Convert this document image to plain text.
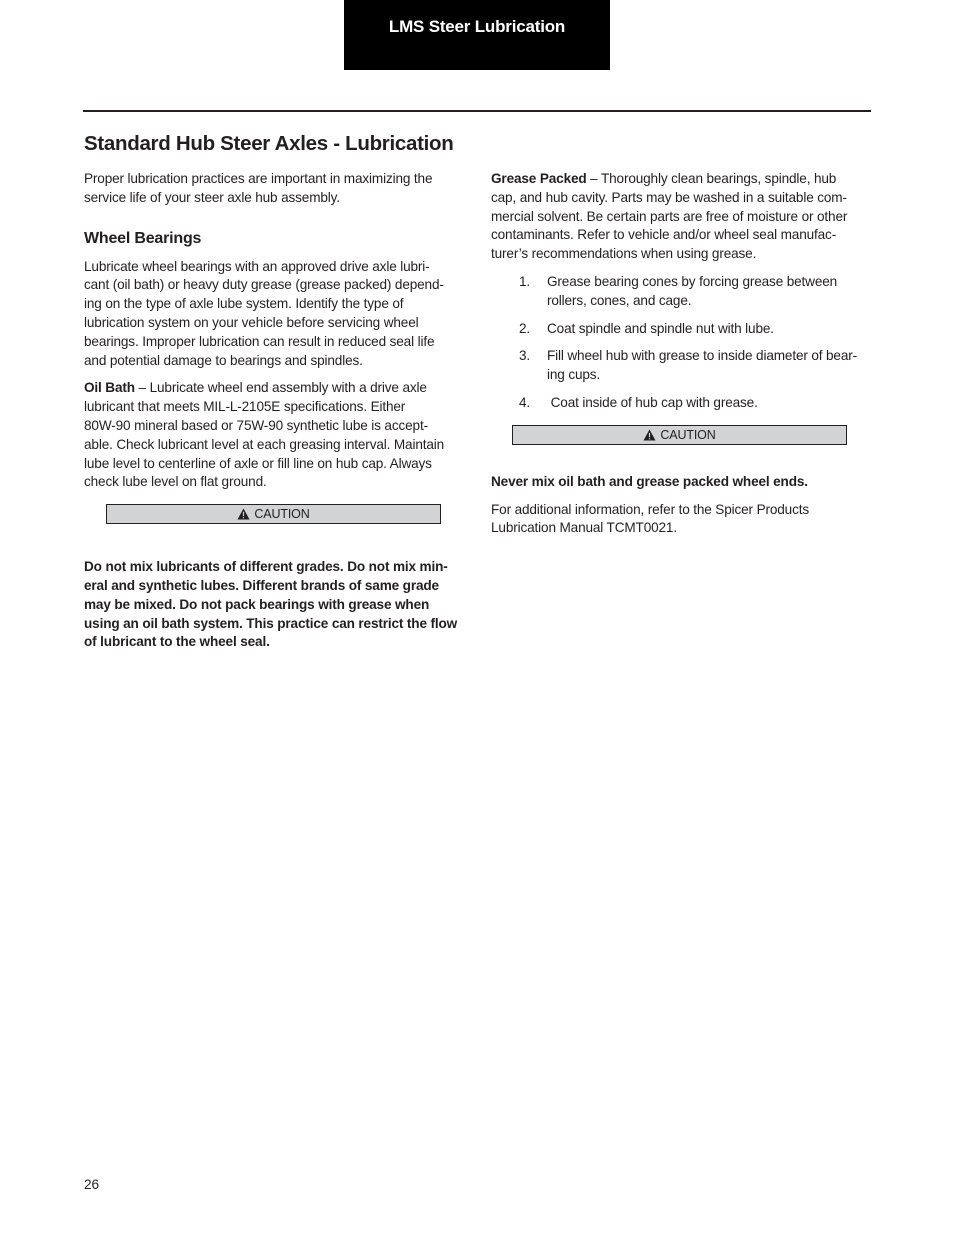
LMS Steer Lubrication
Standard Hub Steer Axles - Lubrication
Proper lubrication practices are important in maximizing the
service life of your steer axle hub assembly.
Wheel Bearings
Lubricate wheel bearings with an approved drive axle lubri-
cant (oil bath) or heavy duty grease (grease packed) depend-
ing on the type of axle lube system. Identify the type of
lubrication system on your vehicle before servicing wheel
bearings. Improper lubrication can result in reduced seal life
and potential damage to bearings and spindles.
Oil Bath – Lubricate wheel end assembly with a drive axle
lubricant that meets MIL-L-2105E specifications. Either
80W-90 mineral based or 75W-90 synthetic lube is accept-
able. Check lubricant level at each greasing interval. Maintain
lube level to centerline of axle or fill line on hub cap. Always
check lube level on flat ground.
CAUTION
Do not mix lubricants of different grades. Do not mix min-
eral and synthetic lubes. Different brands of same grade
may be mixed. Do not pack bearings with grease when
using an oil bath system. This practice can restrict the flow
of lubricant to the wheel seal.
Grease Packed – Thoroughly clean bearings, spindle, hub
cap, and hub cavity. Parts may be washed in a suitable com-
mercial solvent. Be certain parts are free of moisture or other
contaminants. Refer to vehicle and/or wheel seal manufac-
turer’s recommendations when using grease.
1. Grease bearing cones by forcing grease between
rollers, cones, and cage.
2. Coat spindle and spindle nut with lube.
3. Fill wheel hub with grease to inside diameter of bear-
ing cups.
4. Coat inside of hub cap with grease.
CAUTION
Never mix oil bath and grease packed wheel ends.
For additional information, refer to the Spicer Products
Lubrication Manual TCMT0021.
26
